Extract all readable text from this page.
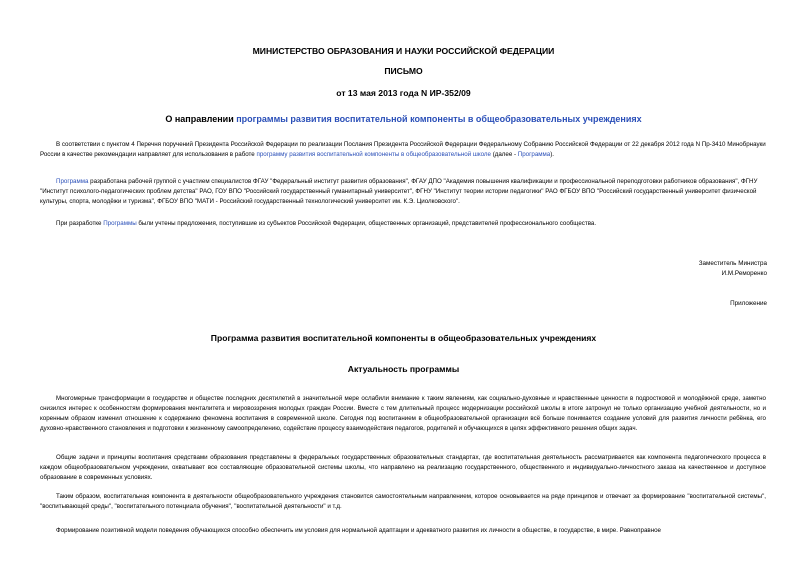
МИНИСТЕРСТВО ОБРАЗОВАНИЯ И НАУКИ РОССИЙСКОЙ ФЕДЕРАЦИИ
ПИСЬМО
от 13 мая 2013 года N ИР-352/09
О направлении программы развития воспитательной компоненты в общеобразовательных учреждениях
В соответствии с пунктом 4 Перечня поручений Президента Российской Федерации по реализации Послания Президента Российской Федерации Федеральному Собранию Российской Федерации от 22 декабря 2012 года N Пр-3410 Минобрнауки России в качестве рекомендации направляет для использования в работе программу развития воспитательной компоненты в общеобразовательной школе (далее - Программа).
Программа разработана рабочей группой с участием специалистов ФГАУ "Федеральный институт развития образования", ФГАУ ДПО "Академия повышения квалификации и профессиональной переподготовки работников образования", ФГНУ "Институт психолого-педагогических проблем детства" РАО, ГОУ ВПО "Российский государственный гуманитарный университет", ФГНУ "Институт теории истории педагогики" РАО ФГБОУ ВПО "Российский государственный университет физической культуры, спорта, молодёжи и туризма", ФГБОУ ВПО "МАТИ - Российский государственный технологический университет им. К.Э. Циолковского".
При разработке Программы были учтены предложения, поступившие из субъектов Российской Федерации, общественных организаций, представителей профессионального сообщества.
Заместитель Министра
И.М.Реморенко
Приложение
Программа развития воспитательной компоненты в общеобразовательных учреждениях
Актуальность программы
Многомерные трансформации в государстве и обществе последних десятилетий в значительной мере ослабили внимание к таким явлениям, как социально-духовные и нравственные ценности в подростковой и молодёжной среде, заметно снизился интерес к особенностям формирования менталитета и мировоззрения молодых граждан России. Вместе с тем длительный процесс модернизации российской школы в итоге затронул не только организацию учебной деятельности, но и коренным образом изменил отношение к содержанию феномена воспитания в современной школе. Сегодня под воспитанием в общеобразовательной организации всё больше понимается создание условий для развития личности ребёнка, его духовно-нравственного становления и подготовки к жизненному самоопределению, содействие процессу взаимодействия педагогов, родителей и обучающихся в целях эффективного решения общих задач.
Общие задачи и принципы воспитания средствами образования представлены в федеральных государственных образовательных стандартах, где воспитательная деятельность рассматривается как компонента педагогического процесса в каждом общеобразовательном учреждении, охватывает все составляющие образовательной системы школы, что направлено на реализацию государственного, общественного и индивидуально-личностного заказа на качественное и доступное образование в современных условиях.
Таким образом, воспитательная компонента в деятельности общеобразовательного учреждения становится самостоятельным направлением, которое основывается на ряде принципов и отвечает за формирование "воспитательной системы", "воспитывающей среды", "воспитательного потенциала обучения", "воспитательной деятельности" и т.д.
Формирование позитивной модели поведения обучающихся способно обеспечить им условия для нормальной адаптации и адекватного развития их личности в обществе, в государстве, в мире. Равноправное
